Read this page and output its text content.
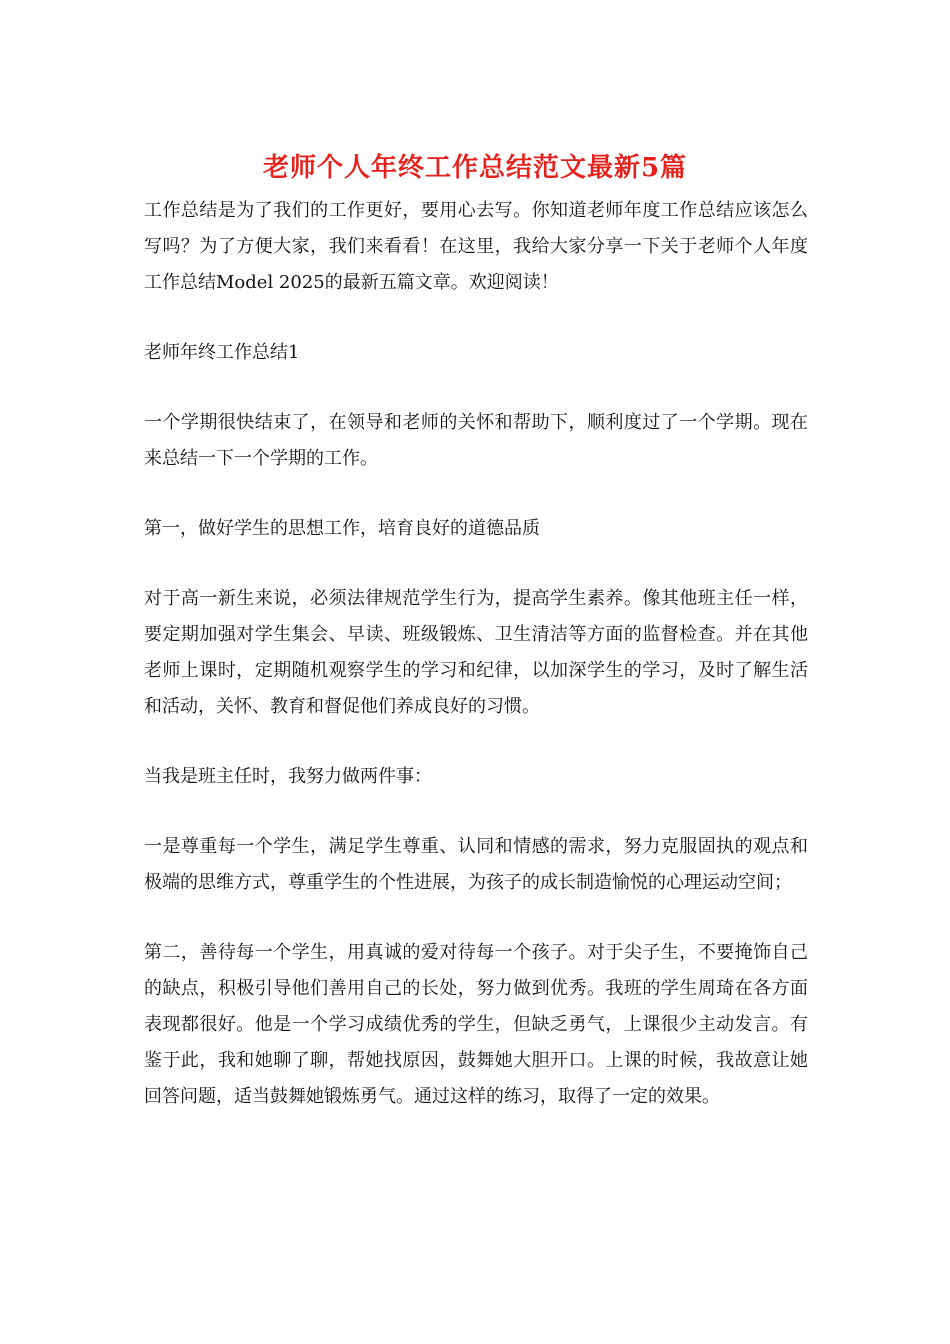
老师个人年终工作总结范文最新5篇

工作总结是为了我们的工作更好，要用心去写。你知道老师年度工作总结应该怎么写吗？为了方便大家，我们来看看！在这里，我给大家分享一下关于老师个人年度工作总结Model 2025的最新五篇文章。欢迎阅读！

老师年终工作总结1

一个学期很快结束了，在领导和老师的关怀和帮助下，顺利度过了一个学期。现在来总结一下一个学期的工作。

第一，做好学生的思想工作，培育良好的道德品质

对于高一新生来说，必须法律规范学生行为，提高学生素养。像其他班主任一样，要定期加强对学生集会、早读、班级锻炼、卫生清洁等方面的监督检查。并在其他老师上课时，定期随机观察学生的学习和纪律，以加深学生的学习，及时了解生活和活动，关怀、教育和督促他们养成良好的习惯。

当我是班主任时，我努力做两件事：

一是尊重每一个学生，满足学生尊重、认同和情感的需求，努力克服固执的观点和极端的思维方式，尊重学生的个性进展，为孩子的成长制造愉悦的心理运动空间；

第二，善待每一个学生，用真诚的爱对待每一个孩子。对于尖子生，不要掩饰自己的缺点，积极引导他们善用自己的长处，努力做到优秀。我班的学生周琦在各方面表现都很好。他是一个学习成绩优秀的学生，但缺乏勇气，上课很少主动发言。有鉴于此，我和她聊了聊，帮她找原因，鼓舞她大胆开口。上课的时候，我故意让她回答问题，适当鼓舞她锻炼勇气。通过这样的练习，取得了一定的效果。
